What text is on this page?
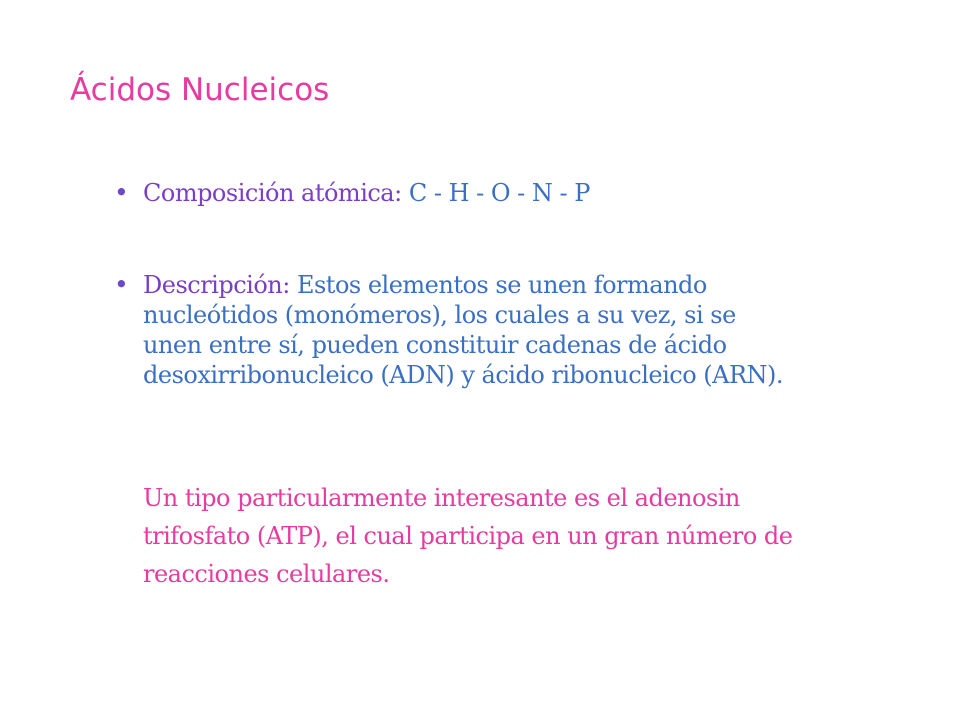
Ácidos Nucleicos
• Composición atómica: C - H - O - N - P

• Descripción: Estos elementos se unen formando
nucleótidos (monómeros), los cuales a su vez, si se
unen entre sí, pueden constituir cadenas de ácido
desoxirribonucleico (ADN) y ácido ribonucleico (ARN).

Un tipo particularmente interesante es el adenosin
trifosfato (ATP), el cual participa en un gran número de
reacciones celulares.
